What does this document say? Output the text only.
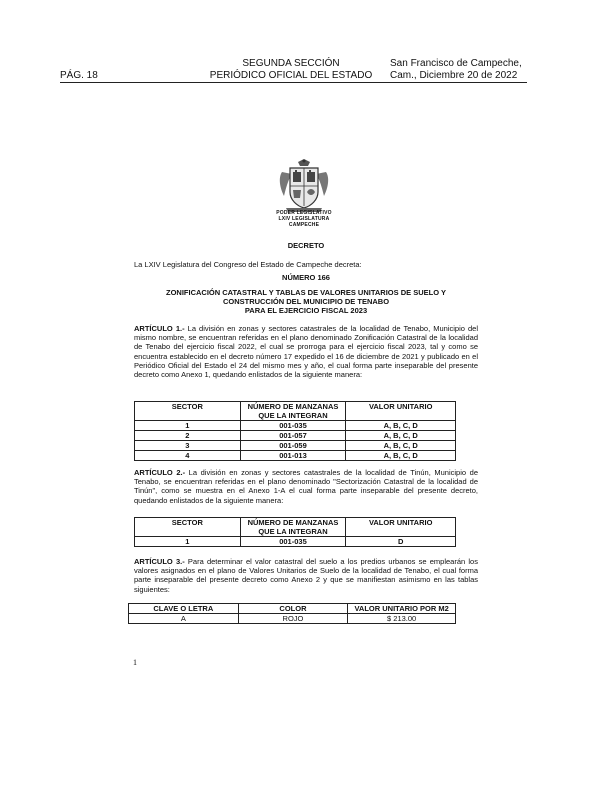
PÁG. 18
SEGUNDA SECCIÓN
PERIÓDICO OFICIAL DEL ESTADO
San Francisco de Campeche,
Cam., Diciembre 20 de 2022
PODER LEGISLATIVO
LXIV LEGISLATURA
CAMPECHE
DECRETO
La LXIV Legislatura del Congreso del Estado de Campeche decreta:
NÚMERO 166
ZONIFICACIÓN CATASTRAL Y TABLAS DE VALORES UNITARIOS DE SUELO Y
CONSTRUCCIÓN DEL MUNICIPIO DE TENABO
PARA EL EJERCICIO FISCAL 2023
ARTÍCULO 1.- La división en zonas y sectores catastrales de la localidad de Tenabo, Municipio del mismo nombre, se encuentran referidas en el plano denominado Zonificación Catastral de la localidad de Tenabo del ejercicio fiscal 2022, el cual se prorroga para el ejercicio fiscal 2023, tal y como se encuentra establecido en el decreto número 17 expedido el 16 de diciembre de 2021 y publicado en el Periódico Oficial del Estado el 24 del mismo mes y año, el cual forma parte inseparable del presente decreto como Anexo 1, quedando enlistados de la siguiente manera:
SECTOR	NÚMERO DE MANZANAS QUE LA INTEGRAN	VALOR UNITARIO
1	001-035	A, B, C, D
2	001-057	A, B, C, D
3	001-059	A, B, C, D
4	001-013	A, B, C, D
ARTÍCULO 2.- La división en zonas y sectores catastrales de la localidad de Tinún, Municipio de Tenabo, se encuentran referidas en el plano denominado "Sectorización Catastral de la localidad de Tinún", como se muestra en el Anexo 1-A el cual forma parte inseparable del presente decreto, quedando enlistados de la siguiente manera:
SECTOR	NÚMERO DE MANZANAS QUE LA INTEGRAN	VALOR UNITARIO
1	001-035	D
ARTÍCULO 3.- Para determinar el valor catastral del suelo a los predios urbanos se emplearán los valores asignados en el plano de Valores Unitarios de Suelo de la localidad de Tenabo, el cual forma parte inseparable del presente decreto como Anexo 2 y que se manifiestan asimismo en las tablas siguientes:
CLAVE O LETRA	COLOR	VALOR UNITARIO POR M2
A	ROJO	$ 213.00
1
